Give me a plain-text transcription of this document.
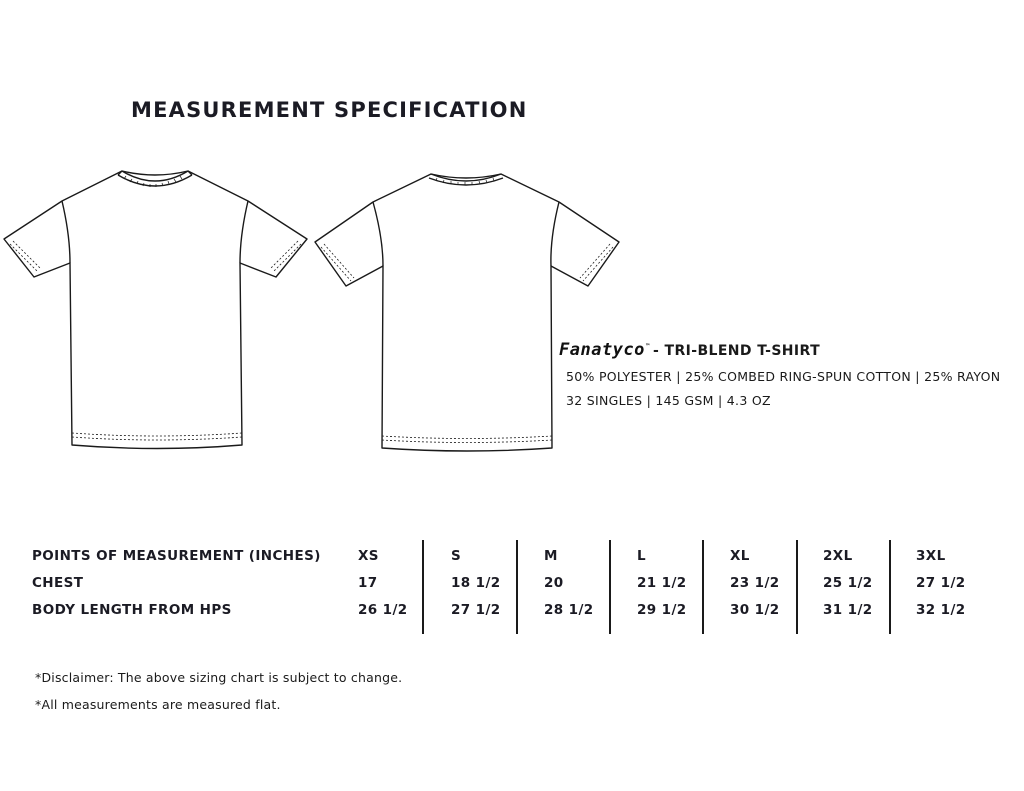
MEASUREMENT SPECIFICATION
Fanatyco™ - TRI-BLEND T-SHIRT
50% POLYESTER | 25% COMBED RING-SPUN COTTON | 25% RAYON
32 SINGLES | 145 GSM | 4.3 OZ
POINTS OF MEASUREMENT (INCHES)
CHEST
BODY LENGTH FROM HPS
XS
17
26 1/2
S
18 1/2
27 1/2
M
20
28 1/2
L
21 1/2
29 1/2
XL
23 1/2
30 1/2
2XL
25 1/2
31 1/2
3XL
27 1/2
32 1/2
*Disclaimer: The above sizing chart is subject to change.
*All measurements are measured flat.
